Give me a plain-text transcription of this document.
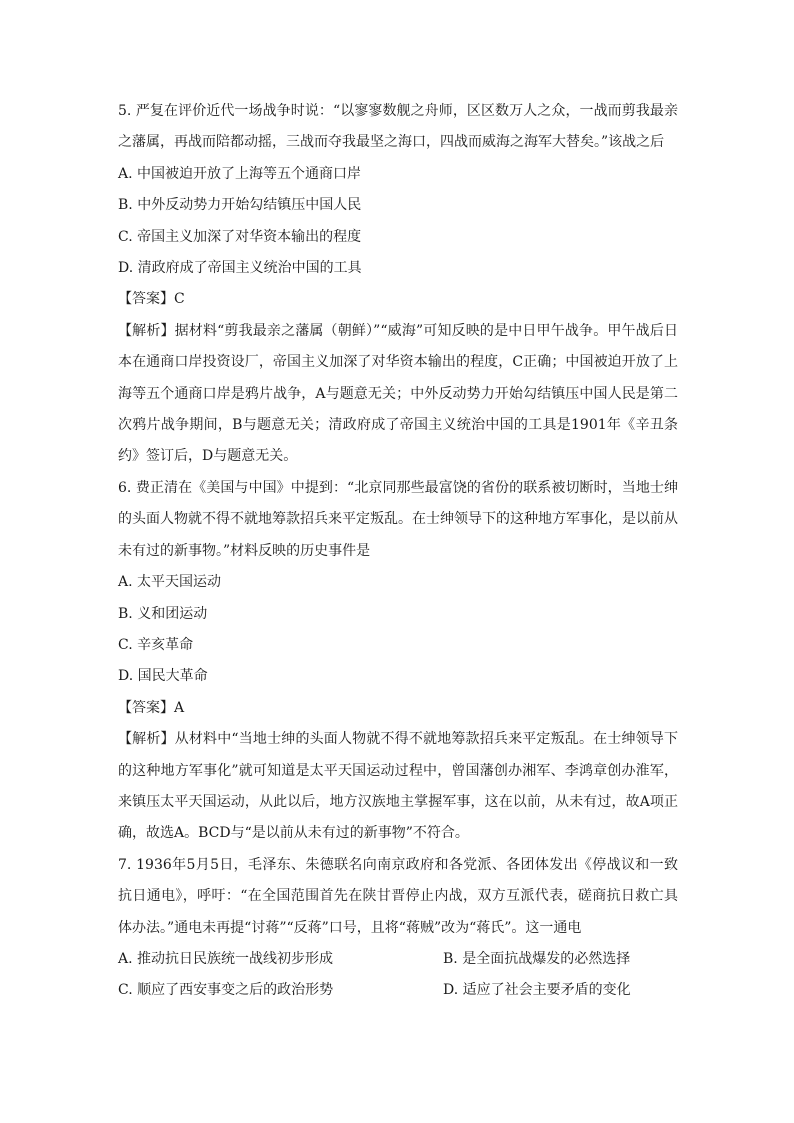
5. 严复在评价近代一场战争时说：“以寥寥数舰之舟师，区区数万人之众，一战而剪我最亲之藩属，再战而陪都动摇，三战而夺我最坚之海口，四战而威海之海军大替矣。”该战之后

A. 中国被迫开放了上海等五个通商口岸

B. 中外反动势力开始勾结镇压中国人民

C. 帝国主义加深了对华资本输出的程度

D. 清政府成了帝国主义统治中国的工具

【答案】C

【解析】据材料“剪我最亲之藩属（朝鲜）”“威海”可知反映的是中日甲午战争。甲午战后日本在通商口岸投资设厂，帝国主义加深了对华资本输出的程度，C正确；中国被迫开放了上海等五个通商口岸是鸦片战争，A与题意无关；中外反动势力开始勾结镇压中国人民是第二次鸦片战争期间，B与题意无关；清政府成了帝国主义统治中国的工具是1901年《辛丑条约》签订后，D与题意无关。

6. 费正清在《美国与中国》中提到：“北京同那些最富饶的省份的联系被切断时，当地士绅的头面人物就不得不就地筹款招兵来平定叛乱。在士绅领导下的这种地方军事化，是以前从未有过的新事物。”材料反映的历史事件是

A. 太平天国运动

B. 义和团运动

C. 辛亥革命

D. 国民大革命

【答案】A

【解析】从材料中“当地士绅的头面人物就不得不就地筹款招兵来平定叛乱。在士绅领导下的这种地方军事化”就可知道是太平天国运动过程中，曾国藩创办湘军、李鸿章创办淮军，来镇压太平天国运动，从此以后，地方汉族地主掌握军事，这在以前，从未有过，故A项正确，故选A。BCD与“是以前从未有过的新事物”不符合。

7. 1936年5月5日，毛泽东、朱德联名向南京政府和各党派、各团体发出《停战议和一致抗日通电》，呼吁：“在全国范围首先在陕甘晋停止内战，双方互派代表，磋商抗日救亡具体办法。”通电未再提“讨蒋”“反蒋”口号，且将“蒋贼”改为“蒋氏”。这一通电

A. 推动抗日民族统一战线初步形成	B. 是全面抗战爆发的必然选择
C. 顺应了西安事变之后的政治形势	D. 适应了社会主要矛盾的变化
